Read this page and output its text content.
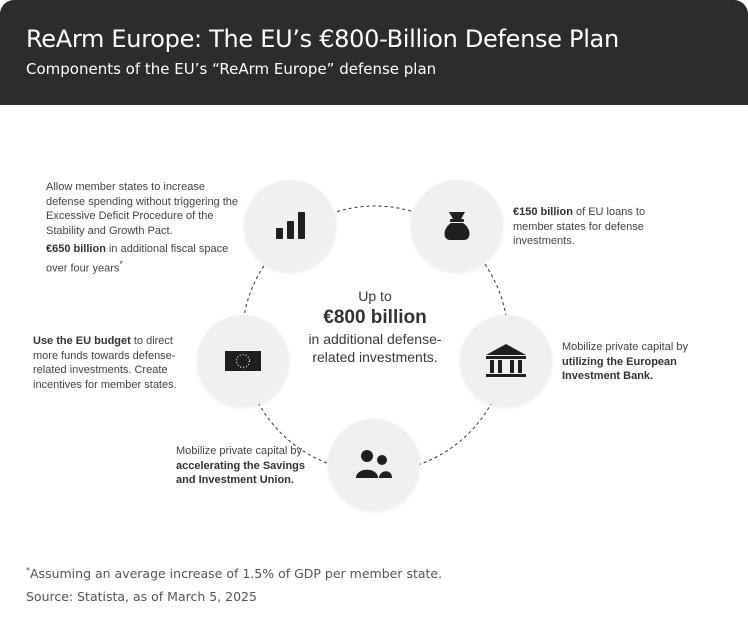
ReArm Europe: The EU’s €800-Billion Defense Plan
Components of the EU’s “ReArm Europe” defense plan
Up to
€800 billion
in additional defense-
related investments.

Allow member states to increase defense spending without triggering the Excessive Deficit Procedure of the Stability and Growth Pact.

€650 billion in additional fiscal space over four years*

€150 billion of EU loans to member states for defense investments.
Mobilize private capital by utilizing the European Investment Bank.
Mobilize private capital by accelerating the Savings and Investment Union.
Use the EU budget to direct more funds towards defense-related investments. Create incentives for member states.
*Assuming an average increase of 1.5% of GDP per member state.
Source: Statista, as of March 5, 2025
